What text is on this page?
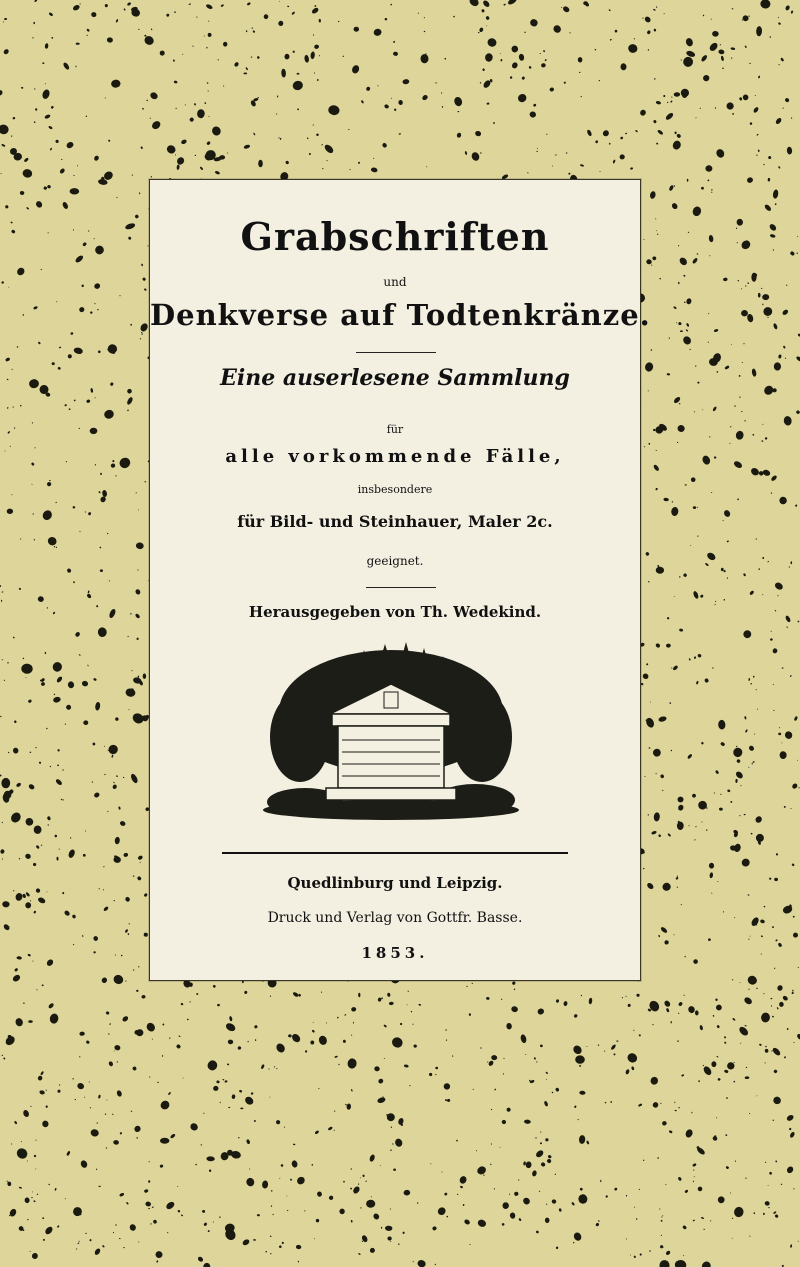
Grabschriften
und
Denkverse auf Todtenkränze.
Eine auserlesene Sammlung
für
alle vorkommende Fälle,
insbesondere
für Bild- und Steinhauer, Maler 2c.
geeignet.
Herausgegeben von Th. Wedekind.
Quedlinburg und Leipzig.
Druck und Verlag von Gottfr. Basse.
1853.
